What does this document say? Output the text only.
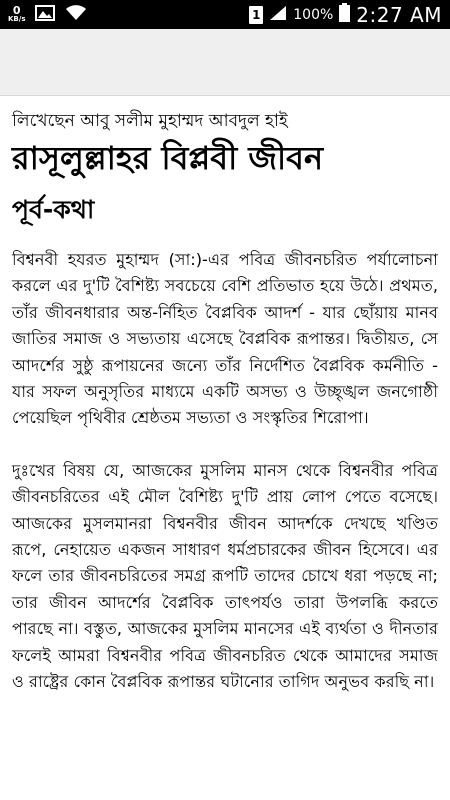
0
KB/s	1 100% 2:27 AM
লিখেছেন আবু সলীম মুহাম্মদ আবদুল হাই
রাসূলুল্লাহর বিপ্লবী জীবন
পূর্ব-কথা

বিশ্বনবী হযরত মুহাম্মদ (সা:)-এর পবিত্র জীবনচরিত পর্যালোচনা করলে এর দু'টি বৈশিষ্ট্য সবচেয়ে বেশি প্রতিভাত হয়ে উঠে। প্রথমত, তাঁর জীবনধারার অন্ত-র্নিহিত বৈপ্লবিক আদর্শ - যার ছোঁয়ায় মানব জাতির সমাজ ও সভ্যতায় এসেছে বৈপ্লবিক রূপান্তর। দ্বিতীয়ত, সে আদর্শের সুষ্ঠু রূপায়নের জন্যে তাঁর নির্দেশিত বৈপ্লবিক কর্মনীতি - যার সফল অনুসৃতির মাধ্যমে একটি অসভ্য ও উচ্ছৃঙ্খল জনগোষ্ঠী পেয়েছিল পৃথিবীর শ্রেষ্ঠতম সভ্যতা ও সংস্কৃতির শিরোপা।

দুঃখের বিষয় যে, আজকের মুসলিম মানস থেকে বিশ্বনবীর পবিত্র জীবনচরিতের এই মৌল বৈশিষ্ট্য দু'টি প্রায় লোপ পেতে বসেছে। আজকের মুসলমানরা বিশ্বনবীর জীবন আদর্শকে দেখছে খণ্ডিত রূপে, নেহায়েত একজন সাধারণ ধর্মপ্রচারকের জীবন হিসেবে। এর ফলে তার জীবনচরিতের সমগ্র রূপটি তাদের চোখে ধরা পড়ছে না; তার জীবন আদর্শের বৈপ্লবিক তাৎপর্যও তারা উপলব্ধি করতে পারছে না। বস্তুত, আজকের মুসলিম মানসের এই ব্যর্থতা ও দীনতার ফলেই আমরা বিশ্বনবীর পবিত্র জীবনচরিত থেকে আমাদের সমাজ ও রাষ্ট্রের কোন বৈপ্লবিক রূপান্তর ঘটানোর তাগিদ অনুভব করছি না।
